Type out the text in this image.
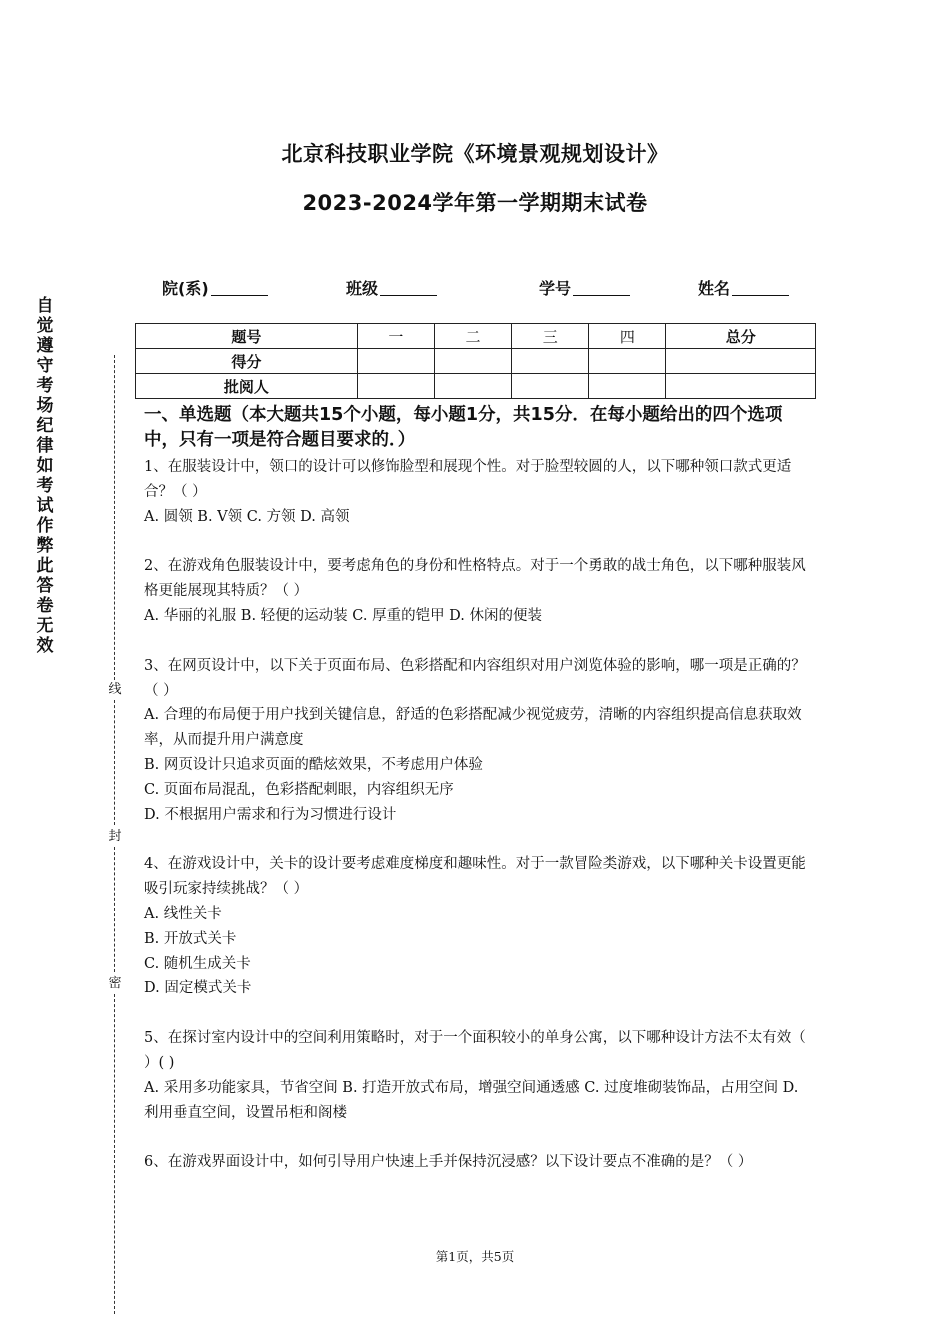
北京科技职业学院《环境景观规划设计》
2023-2024学年第一学期期末试卷
院(系)	班级	学号	姓名
自觉遵守考场纪律如考试作弊此答卷无效
线
封
密
题号	一	二	三	四	总分
得分					
批阅人					
一、单选题（本大题共15个小题，每小题1分，共15分．在每小题给出的四个选项中，只有一项是符合题目要求的．）

1、在服装设计中，领口的设计可以修饰脸型和展现个性。对于脸型较圆的人，以下哪种领口款式更适合？（ ）

A. 圆领 B. V领 C. 方领 D. 高领

2、在游戏角色服装设计中，要考虑角色的身份和性格特点。对于一个勇敢的战士角色，以下哪种服装风格更能展现其特质？（ ）

A. 华丽的礼服 B. 轻便的运动装 C. 厚重的铠甲 D. 休闲的便装

3、在网页设计中，以下关于页面布局、色彩搭配和内容组织对用户浏览体验的影响，哪一项是正确的？（ ）

A. 合理的布局便于用户找到关键信息，舒适的色彩搭配减少视觉疲劳，清晰的内容组织提高信息获取效率，从而提升用户满意度

B. 网页设计只追求页面的酷炫效果，不考虑用户体验

C. 页面布局混乱，色彩搭配刺眼，内容组织无序

D. 不根据用户需求和行为习惯进行设计

4、在游戏设计中，关卡的设计要考虑难度梯度和趣味性。对于一款冒险类游戏，以下哪种关卡设置更能吸引玩家持续挑战？（ ）

A. 线性关卡

B. 开放式关卡

C. 随机生成关卡

D. 固定模式关卡

5、在探讨室内设计中的空间利用策略时，对于一个面积较小的单身公寓，以下哪种设计方法不太有效（ ）( )

A. 采用多功能家具，节省空间 B. 打造开放式布局，增强空间通透感 C. 过度堆砌装饰品，占用空间 D. 利用垂直空间，设置吊柜和阁楼

6、在游戏界面设计中，如何引导用户快速上手并保持沉浸感？以下设计要点不准确的是？（ ）

第1页，共5页
